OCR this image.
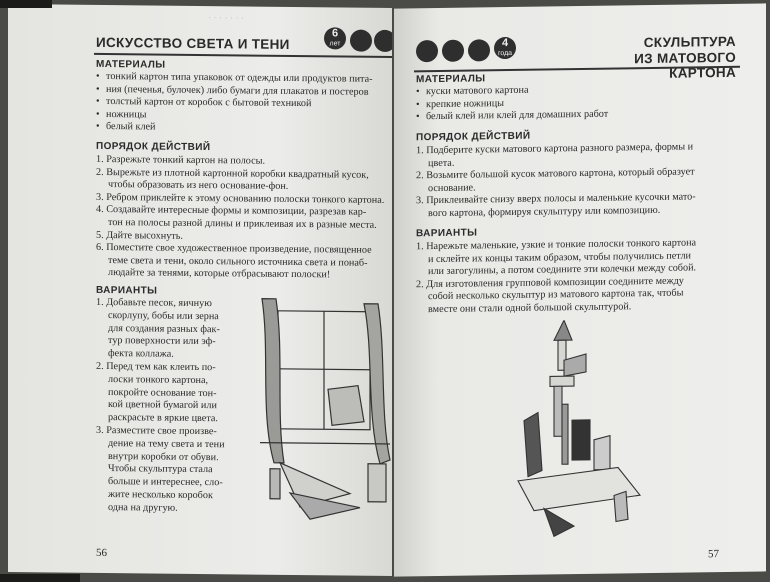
· · · · · · ·
ИСКУССТВО СВЕТА И ТЕНИ
6
лет
МАТЕРИАЛЫ
• тонкий картон типа упаковок от одежды или продуктов пита-
• ния (печенья, булочек) либо бумаги для плакатов и постеров
• толстый картон от коробок с бытовой техникой
• ножницы
• белый клей
ПОРЯДОК ДЕЙСТВИЙ
1. Разрежьте тонкий картон на полосы.
2. Вырежьте из плотной картонной коробки квадратный кусок,
чтобы образовать из него основание-фон.
3. Ребром приклейте к этому основанию полоски тонкого картона.
4. Создавайте интересные формы и композиции, разрезав кар-
тон на полосы разной длины и приклеивая их в разные места.
5. Дайте высохнуть.
6. Поместите свое художественное произведение, посвященное
теме света и тени, около сильного источника света и понаб-
людайте за тенями, которые отбрасывают полоски!
ВАРИАНТЫ
1. Добавьте песок, яичную
скорлупу, бобы или зерна
для создания разных фак-
тур поверхности или эф-
фекта коллажа.
2. Перед тем как клеить по-
лоски тонкого картона,
покройте основание тон-
кой цветной бумагой или
раскрасьте в яркие цвета.
3. Разместите свое произве-
дение на тему света и тени
внутри коробки от обуви.
Чтобы скульптура стала
больше и интереснее, сло-
жите несколько коробок
одна на другую.
56
4
года
СКУЛЬПТУРА
ИЗ МАТОВОГО КАРТОНА
МАТЕРИАЛЫ
• куски матового картона
• крепкие ножницы
• белый клей или клей для домашних работ
ПОРЯДОК ДЕЙСТВИЙ
1. Подберите куски матового картона разного размера, формы и
цвета.
2. Возьмите большой кусок матового картона, который образует
основание.
3. Приклеивайте снизу вверх полосы и маленькие кусочки мато-
вого картона, формируя скульптуру или композицию.
ВАРИАНТЫ
1. Нарежьте маленькие, узкие и тонкие полоски тонкого картона
и склейте их концы таким образом, чтобы получились петли
или загогулины, а потом соедините эти колечки между собой.
2. Для изготовления групповой композиции соедините между
собой несколько скульптур из матового картона так, чтобы
вместе они стали одной большой скульптурой.
57
